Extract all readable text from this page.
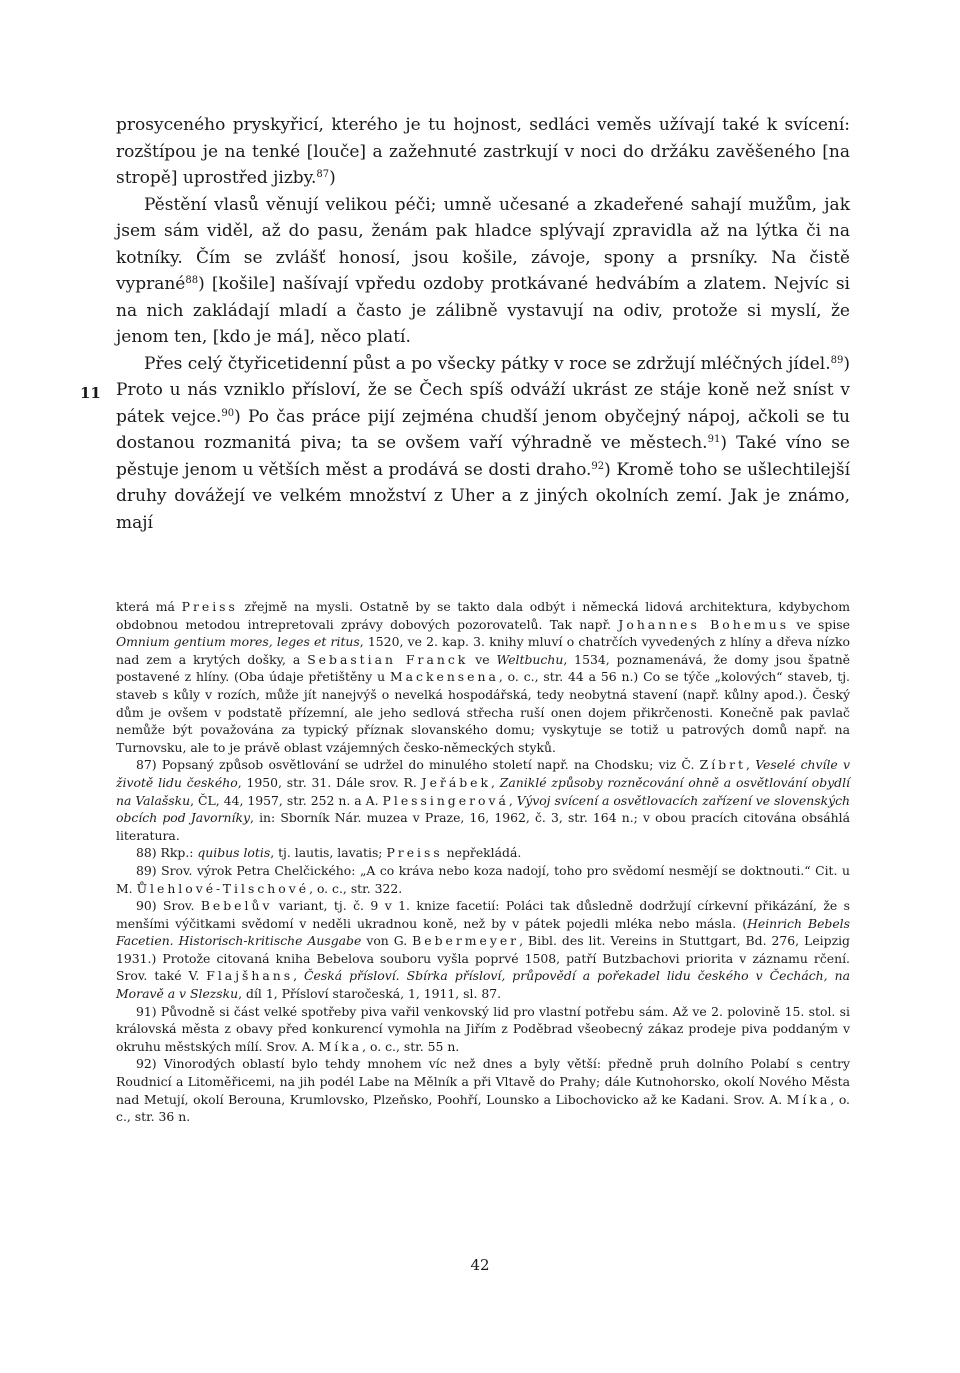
prosyceného pryskyřicí, kterého je tu hojnost, sedláci veměs užívají také k svícení: rozštípou je na tenké [louče] a zažehnuté zastrkují v noci do držáku zavěšeného [na stropě] uprostřed jizby.$^{87}$)

Pěstění vlasů věnují velikou péči; umně učesané a zkadeřené sahají mužům, jak jsem sám viděl, až do pasu, ženám pak hladce splývají zpravidla až na lýtka či na kotníky. Čím se zvlášť honosí, jsou košile, závoje, spony a prsníky. Na čistě vyprané$^{88}$) [košile] našívají vpředu ozdoby protkávané hedvábím a zlatem. Nejvíc si na nich zakládají mladí a často je zálibně vystavují na odiv, protože si myslí, že jenom ten, [kdo je má], něco platí.

Přes celý čtyřicetidenní půst a po všecky pátky v roce se zdržují mléčných jídel.$^{89}$) Proto u nás vzniklo přísloví, že se Čech spíš odváží ukrást ze stáje koně než sníst v pátek vejce.$^{90}$) Po čas práce pijí zejména chudší jenom obyčejný nápoj, ačkoli se tu dostanou rozmanitá piva; ta se ovšem vaří výhradně ve městech.$^{91}$) Také víno se pěstuje jenom u větších měst a prodává se dosti draho.$^{92}$) Kromě toho se ušlechtilejší druhy dovážejí ve velkém množství z Uher a z jiných okolních zemí. Jak je známo, mají

11

která má Preiss zřejmě na mysli. Ostatně by se takto dala odbýt i německá lidová architektura, kdybychom obdobnou metodou intrepretovali zprávy dobových pozorovatelů. Tak např. Johannes Bohemus ve spise Omnium gentium mores, leges et ritus, 1520, ve 2. kap. 3. knihy mluví o chatrčích vyvedených z hlíny a dřeva nízko nad zem a krytých došky, a Sebastian Franck ve Weltbuchu, 1534, poznamenává, že domy jsou špatně postavené z hlíny. (Oba údaje přetištěny u Mackensena, o. c., str. 44 a 56 n.) Co se týče „kolových“ staveb, tj. staveb s kůly v rozích, může jít nanejvýš o nevelká hospodářská, tedy neobytná stavení (např. kůlny apod.). Český dům je ovšem v podstatě přízemní, ale jeho sedlová střecha ruší onen dojem přikrčenosti. Konečně pak pavlač nemůže být považována za typický příznak slovanského domu; vyskytuje se totiž u patrových domů např. na Turnovsku, ale to je právě oblast vzájemných česko-německých styků.

87) Popsaný způsob osvětlování se udržel do minulého století např. na Chodsku; viz Č. Zíbrt, Veselé chvíle v životě lidu českého, 1950, str. 31. Dále srov. R. Jeřábek, Zaniklé způsoby rozněcování ohně a osvětlování obydlí na Valašsku, ČL, 44, 1957, str. 252 n. a A. Plessingerová, Vývoj svícení a osvětlovacích zařízení ve slovenských obcích pod Javorníky, in: Sborník Nár. muzea v Praze, 16, 1962, č. 3, str. 164 n.; v obou pracích citována obsáhlá literatura.

88) Rkp.: quibus lotis, tj. lautis, lavatis; Preiss nepřekládá.

89) Srov. výrok Petra Chelčického: „A co kráva nebo koza nadojí, toho pro svědomí nesmějí se doktnouti.“ Cit. u M. Ůlehlové-Tilschové, o. c., str. 322.

90) Srov. Bebelův variant, tj. č. 9 v 1. knize facetií: Poláci tak důsledně dodržují církevní přikázání, že s menšími výčitkami svědomí v neděli ukradnou koně, než by v pátek pojedli mléka nebo másla. (Heinrich Bebels Facetien. Historisch-kritische Ausgabe von G. Bebermeyer, Bibl. des lit. Vereins in Stuttgart, Bd. 276, Leipzig 1931.) Protože citovaná kniha Bebelova souboru vyšla poprvé 1508, patří Butzbachovi priorita v záznamu rčení. Srov. také V. Flajšhans, Česká přísloví. Sbírka přísloví, průpovědí a pořekadel lidu českého v Čechách, na Moravě a v Slezsku, díl 1, Přísloví staročeská, 1, 1911, sl. 87.

91) Původně si část velké spotřeby piva vařil venkovský lid pro vlastní potřebu sám. Až ve 2. polovině 15. stol. si královská města z obavy před konkurencí vymohla na Jiřím z Poděbrad všeobecný zákaz prodeje piva poddaným v okruhu městských mílí. Srov. A. Míka, o. c., str. 55 n.

92) Vinorodých oblastí bylo tehdy mnohem víc než dnes a byly větší: předně pruh dolního Polabí s centry Roudnicí a Litoměřicemi, na jih podél Labe na Mělník a při Vltavě do Prahy; dále Kutnohorsko, okolí Nového Města nad Metují, okolí Berouna, Krumlovsko, Plzeňsko, Poohří, Lounsko a Libochovicko až ke Kadani. Srov. A. Míka, o. c., str. 36 n.

42
